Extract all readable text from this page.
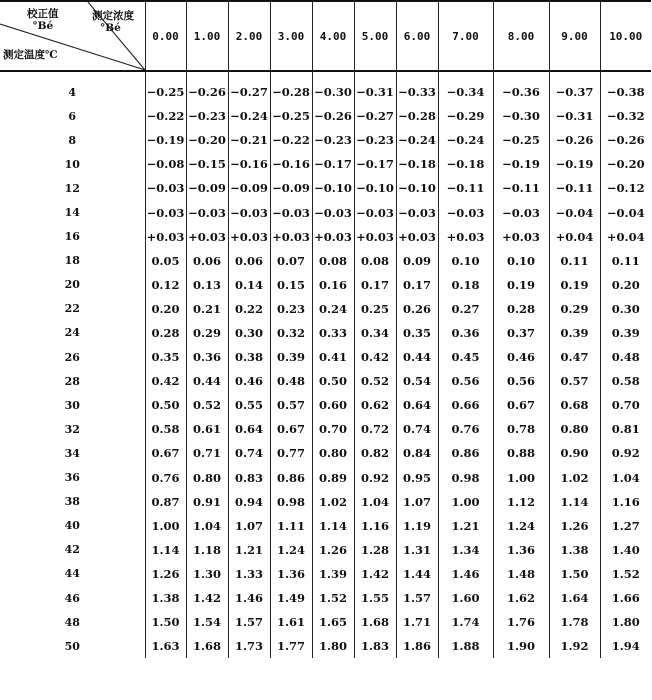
校正值
°Bé
测定浓度
°Bé
测定温度℃	0.00	1.00	2.00	3.00	4.00	5.00	6.00	7.00	8.00	9.00	10.00
4	−0.25	−0.26	−0.27	−0.28	−0.30	−0.31	−0.33	−0.34	−0.36	−0.37	−0.38
6	−0.22	−0.23	−0.24	−0.25	−0.26	−0.27	−0.28	−0.29	−0.30	−0.31	−0.32
8	−0.19	−0.20	−0.21	−0.22	−0.23	−0.23	−0.24	−0.24	−0.25	−0.26	−0.26
10	−0.08	−0.15	−0.16	−0.16	−0.17	−0.17	−0.18	−0.18	−0.19	−0.19	−0.20
12	−0.03	−0.09	−0.09	−0.09	−0.10	−0.10	−0.10	−0.11	−0.11	−0.11	−0.12
14	−0.03	−0.03	−0.03	−0.03	−0.03	−0.03	−0.03	−0.03	−0.03	−0.04	−0.04
16	+0.03	+0.03	+0.03	+0.03	+0.03	+0.03	+0.03	+0.03	+0.03	+0.04	+0.04
18	0.05	0.06	0.06	0.07	0.08	0.08	0.09	0.10	0.10	0.11	0.11
20	0.12	0.13	0.14	0.15	0.16	0.17	0.17	0.18	0.19	0.19	0.20
22	0.20	0.21	0.22	0.23	0.24	0.25	0.26	0.27	0.28	0.29	0.30
24	0.28	0.29	0.30	0.32	0.33	0.34	0.35	0.36	0.37	0.39	0.39
26	0.35	0.36	0.38	0.39	0.41	0.42	0.44	0.45	0.46	0.47	0.48
28	0.42	0.44	0.46	0.48	0.50	0.52	0.54	0.56	0.56	0.57	0.58
30	0.50	0.52	0.55	0.57	0.60	0.62	0.64	0.66	0.67	0.68	0.70
32	0.58	0.61	0.64	0.67	0.70	0.72	0.74	0.76	0.78	0.80	0.81
34	0.67	0.71	0.74	0.77	0.80	0.82	0.84	0.86	0.88	0.90	0.92
36	0.76	0.80	0.83	0.86	0.89	0.92	0.95	0.98	1.00	1.02	1.04
38	0.87	0.91	0.94	0.98	1.02	1.04	1.07	1.00	1.12	1.14	1.16
40	1.00	1.04	1.07	1.11	1.14	1.16	1.19	1.21	1.24	1.26	1.27
42	1.14	1.18	1.21	1.24	1.26	1.28	1.31	1.34	1.36	1.38	1.40
44	1.26	1.30	1.33	1.36	1.39	1.42	1.44	1.46	1.48	1.50	1.52
46	1.38	1.42	1.46	1.49	1.52	1.55	1.57	1.60	1.62	1.64	1.66
48	1.50	1.54	1.57	1.61	1.65	1.68	1.71	1.74	1.76	1.78	1.80
50	1.63	1.68	1.73	1.77	1.80	1.83	1.86	1.88	1.90	1.92	1.94
